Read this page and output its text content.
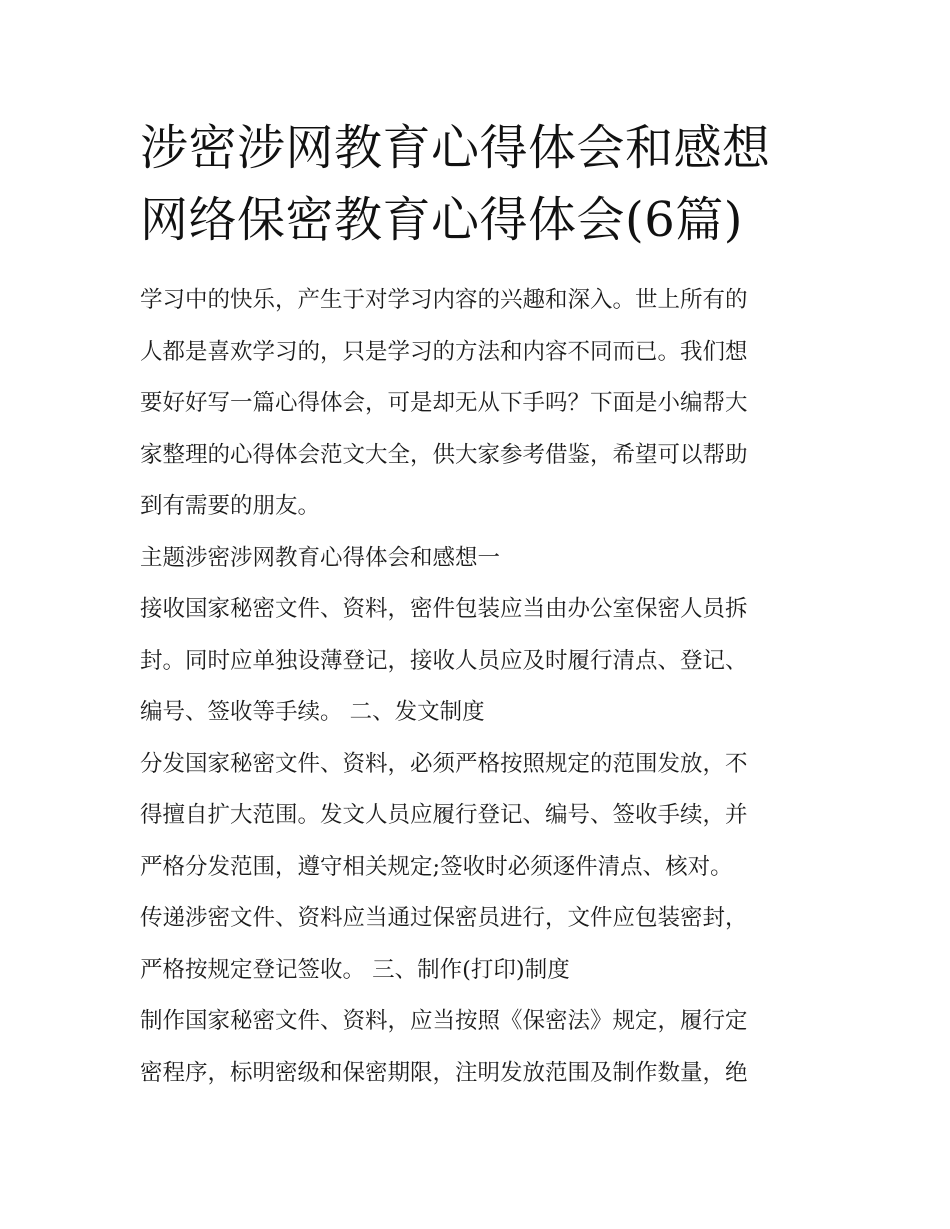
涉密涉网教育心得体会和感想
网络保密教育心得体会(6篇)
学习中的快乐，产生于对学习内容的兴趣和深入。世上所有的
人都是喜欢学习的，只是学习的方法和内容不同而已。我们想
要好好写一篇心得体会，可是却无从下手吗？下面是小编帮大
家整理的心得体会范文大全，供大家参考借鉴，希望可以帮助
到有需要的朋友。
主题涉密涉网教育心得体会和感想一
接收国家秘密文件、资料，密件包装应当由办公室保密人员拆
封。同时应单独设薄登记，接收人员应及时履行清点、登记、
编号、签收等手续。 二、发文制度
分发国家秘密文件、资料，必须严格按照规定的范围发放，不
得擅自扩大范围。发文人员应履行登记、编号、签收手续，并
严格分发范围，遵守相关规定;签收时必须逐件清点、核对。
传递涉密文件、资料应当通过保密员进行，文件应包装密封，
严格按规定登记签收。 三、制作(打印)制度
制作国家秘密文件、资料，应当按照《保密法》规定，履行定
密程序，标明密级和保密期限，注明发放范围及制作数量，绝
